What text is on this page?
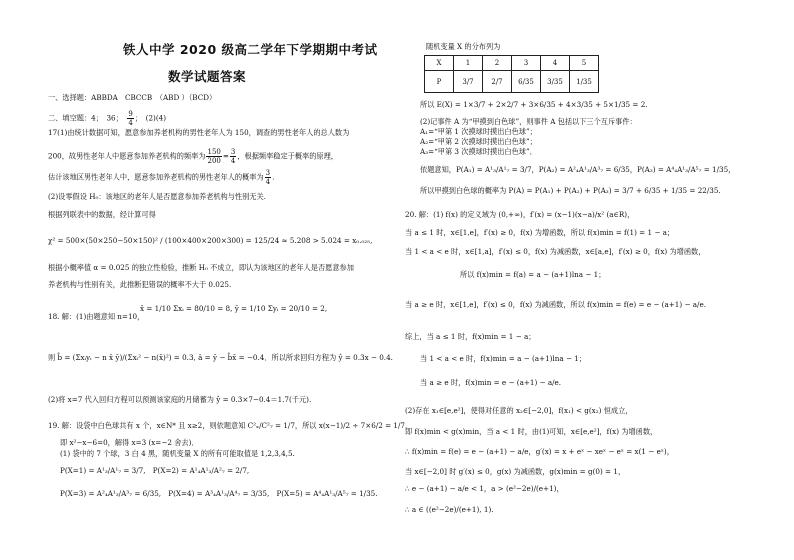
铁人中学 2020 级高二学年下学期期中考试
数学试题答案
一、选择题：ABBDA　CBCCB　（ABD ）（BCD）
二、填空题：4；　36；　 $\frac{9}{4}$ ；　(2)(4)
17(1)由统计数据可知，愿意参加养老机构的男性老年人为 150，调查的男性老年人的总人数为
200，故男性老年人中愿意参加养老机构的频率为 $\frac{150}{200} = \frac{3}{4}$ ，根据频率稳定于概率的原理，
估计该地区男性老年人中，愿意参加养老机构的男性老年人的概率为 $\frac{3}{4}$ .
(2)设零假设 H₀：该地区的老年人是否愿意参加养老机构与性别无关.
根据列联表中的数据，经计算可得
χ² = 500×(50×250−50×150)² / (100×400×200×300) = 125/24 ≈ 5.208 > 5.024 = x₀.₀₂₅,
根据小概率值 α = 0.025 的独立性检验，推断 H₀ 不成立，即认为该地区的老年人是否愿意参加
养老机构与性别有关，此推断犯错误的概率不大于 0.025.
18. 解：(1)由题意知 n=10，
x̄ = 1/10 Σxᵢ = 80/10 = 8, ȳ = 1/10 Σyᵢ = 20/10 = 2,
则 b̂ = (Σxᵢyᵢ − n x̄ ȳ)/(Σxᵢ² − n(x̄)²) = 0.3, â = ȳ − b̂x̄ = −0.4．所以所求回归方程为 ŷ = 0.3x − 0.4.
(2)将 x=7 代入回归方程可以预测该家庭的月储蓄为 ŷ = 0.3×7−0.4＝1.7(千元).
19. 解：设袋中白色球共有 x 个，x∈N* 且 x≥2，则依题意知 C²ₓ/C²₇ = 1/7，所以 x(x−1)/2 ÷ 7×6/2 = 1/7，
即 x²−x−6=0，解得 x=3 (x=−2 舍去)．
(1) 袋中的 7 个球，3 白 4 黑，随机变量 X 的所有可能取值是 1,2,3,4,5.
P(X=1) = A¹₃/A¹₇ = 3/7,　P(X=2) = A¹₄A¹₃/A²₇ = 2/7,
P(X=3) = A²₄A¹₃/A³₇ = 6/35,　P(X=4) = A³₄A¹₃/A⁴₇ = 3/35,　P(X=5) = A⁴₄A¹₃/A⁵₇ = 1/35.
随机变量 X 的分布列为
X	1	2	3	4	5
P	3/7	2/7	6/35	3/35	1/35
所以 E(X) = 1×3/7 + 2×2/7 + 3×6/35 + 4×3/35 + 5×1/35 = 2.
(2)记事件 A 为“甲摸到白色球”，则事件 A 包括以下三个互斥事件：
A₁=“甲第 1 次摸球时摸出白色球”；
A₂=“甲第 2 次摸球时摸出白色球”；
A₃=“甲第 3 次摸球时摸出白色球”．
依题意知，P(A₁) = A¹₃/A¹₇ = 3/7，P(A₂) = A²₄A¹₃/A³₇ = 6/35，P(A₃) = A⁴₄A¹₃/A⁵₇ = 1/35，
所以甲摸到白色球的概率为 P(A) = P(A₁) + P(A₂) + P(A₃) = 3/7 + 6/35 + 1/35 = 22/35.
20. 解：(1) f(x) 的定义域为 (0,+∞)，f′(x) = (x−1)(x−a)/x² (a∈R)，
当 a ≤ 1 时，x∈[1,e]，f′(x) ≥ 0，f(x) 为增函数，所以 f(x)min = f(1) = 1 − a；
当 1 < a < e 时，x∈[1,a]，f′(x) ≤ 0，f(x) 为减函数，x∈[a,e]，f′(x) ≥ 0，f(x) 为增函数，
所以 f(x)min = f(a) = a − (a+1)lna − 1；
当 a ≥ e 时，x∈[1,e]，f′(x) ≤ 0，f(x) 为减函数，所以 f(x)min = f(e) = e − (a+1) − a/e.
综上，当 a ≤ 1 时，f(x)min = 1 − a；
当 1 < a < e 时，f(x)min = a − (a+1)lna − 1；
当 a ≥ e 时，f(x)min = e − (a+1) − a/e.
(2)存在 x₁∈[e,e²]，使得对任意的 x₂∈[−2,0]，f(x₁) < g(x₂) 恒成立，
即 f(x)min < g(x)min，当 a < 1 时，由(1)可知，x∈[e,e²]，f(x) 为增函数，
∴ f(x)min = f(e) = e − (a+1) − a/e，g′(x) = x + eˣ − xeˣ − eˣ = x(1 − eˣ)，
当 x∈[−2,0] 时 g′(x) ≤ 0，g(x) 为减函数，g(x)min = g(0) = 1，
∴ e − (a+1) − a/e < 1，a > (e²−2e)/(e+1)，
∴ a ∈ ((e²−2e)/(e+1), 1).
